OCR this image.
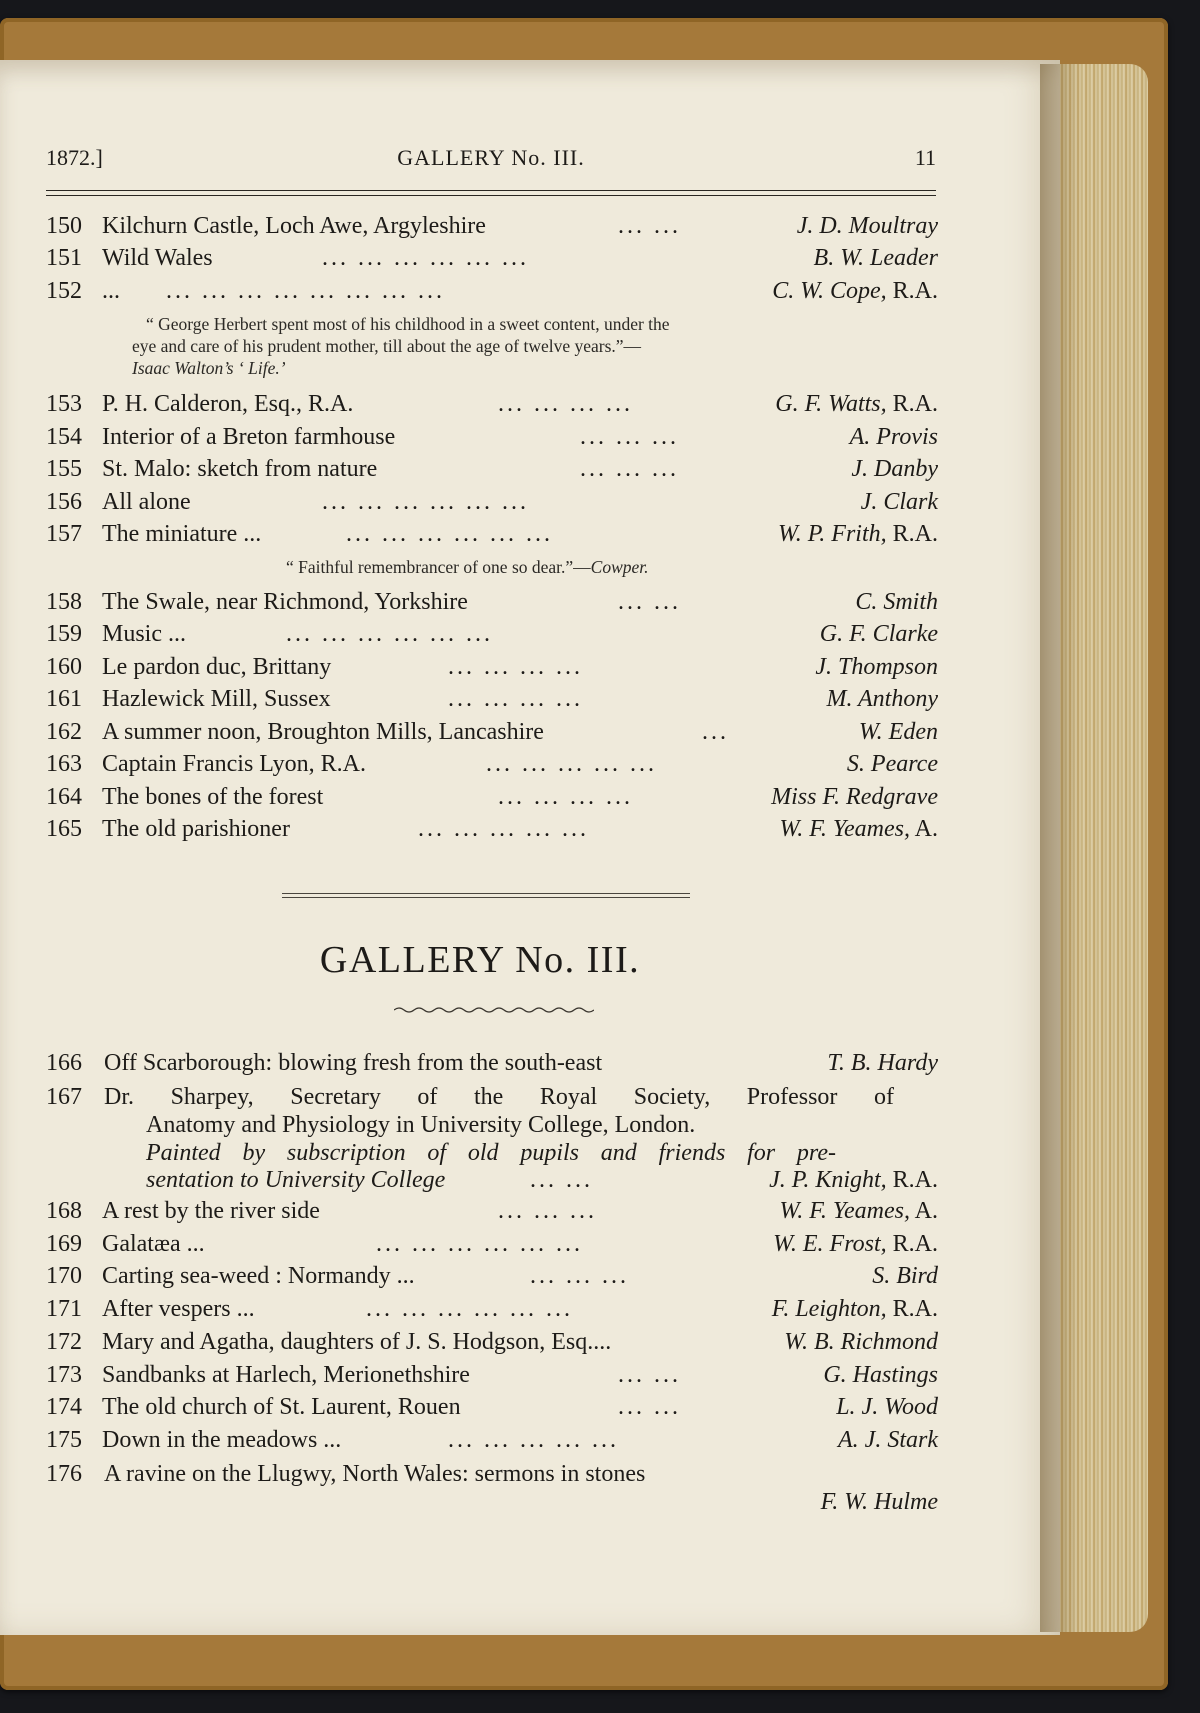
1872.]	GALLERY No. III.	11
150 Kilchurn Castle, Loch Awe, Argyleshire	... ...	J. D. Moultray
151 Wild Wales	... ... ... ... ... ...	B. W. Leader
152 ... ... ... ... ... ... ... ... ...	C. W. Cope, R.A.
“ George Herbert spent most of his childhood in a sweet content, under the
eye and care of his prudent mother, till about the age of twelve years.”—
Isaac Walton’s ‘ Life.’
153 P. H. Calderon, Esq., R.A.	... ... ... ...	G. F. Watts, R.A.
154 Interior of a Breton farmhouse	... ... ...	A. Provis
155 St. Malo: sketch from nature	... ... ...	J. Danby
156 All alone	... ... ... ... ... ...	J. Clark
157 The miniature ...	... ... ... ... ... ...	W. P. Frith, R.A.
“ Faithful remembrancer of one so dear.”—Cowper.
158 The Swale, near Richmond, Yorkshire	... ...	C. Smith
159 Music ...	... ... ... ... ... ...	G. F. Clarke
160 Le pardon duc, Brittany	... ... ... ...	J. Thompson
161 Hazlewick Mill, Sussex	... ... ... ...	M. Anthony
162 A summer noon, Broughton Mills, Lancashire	...	W. Eden
163 Captain Francis Lyon, R.A.	... ... ... ... ...	S. Pearce
164 The bones of the forest	... ... ... ...	Miss F. Redgrave
165 The old parishioner	... ... ... ... ...	W. F. Yeames, A.
GALLERY No. III.
166 Off Scarborough: blowing fresh from the south-east	T. B. Hardy
167 Dr. Sharpey, Secretary of the Royal Society, Professor of
Anatomy and Physiology in University College, London.
Painted by subscription of old pupils and friends for pre-
sentation to University College	... ...	J. P. Knight, R.A.
168 A rest by the river side	... ... ...	W. F. Yeames, A.
169 Galatæa ...	... ... ... ... ... ...	W. E. Frost, R.A.
170 Carting sea-weed : Normandy ...	... ... ...	S. Bird
171 After vespers ...	... ... ... ... ... ...	F. Leighton, R.A.
172 Mary and Agatha, daughters of J. S. Hodgson, Esq....	W. B. Richmond
173 Sandbanks at Harlech, Merionethshire	... ...	G. Hastings
174 The old church of St. Laurent, Rouen	... ...	L. J. Wood
175 Down in the meadows ...	... ... ... ... ...	A. J. Stark
176 A ravine on the Llugwy, North Wales: sermons in stones
F. W. Hulme
